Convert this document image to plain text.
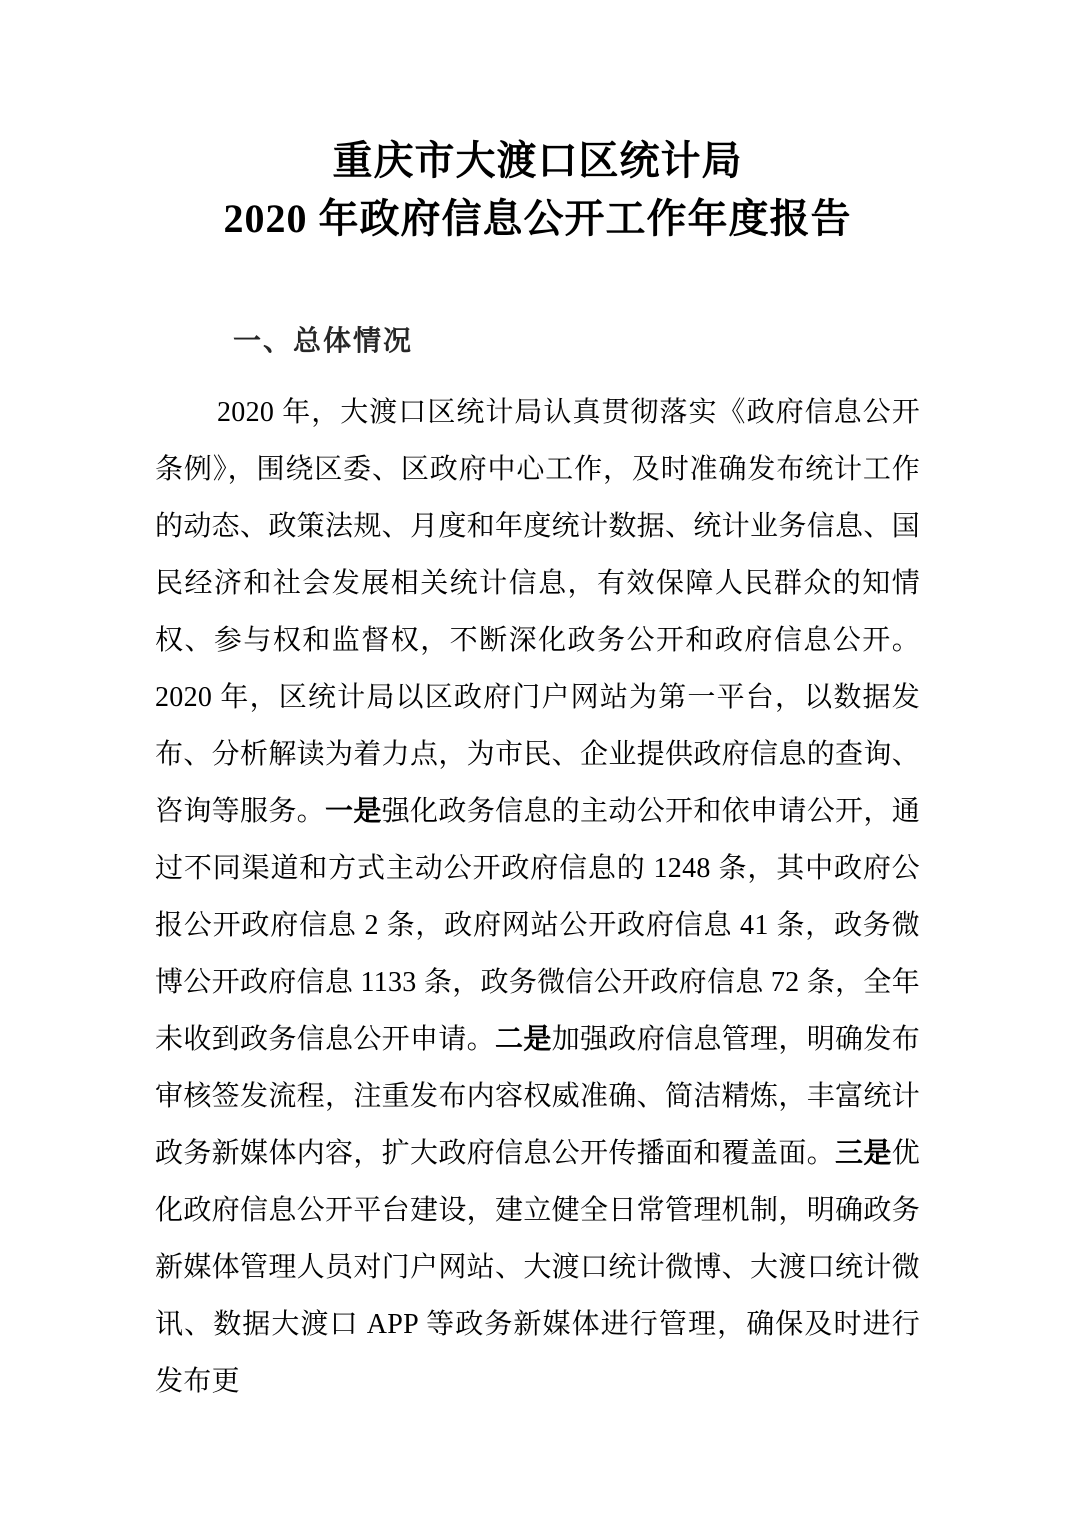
重庆市大渡口区统计局
2020 年政府信息公开工作年度报告
一、总体情况

2020 年，大渡口区统计局认真贯彻落实《政府信息公开条例》，围绕区委、区政府中心工作，及时准确发布统计工作的动态、政策法规、月度和年度统计数据、统计业务信息、国民经济和社会发展相关统计信息，有效保障人民群众的知情权、参与权和监督权，不断深化政务公开和政府信息公开。2020 年，区统计局以区政府门户网站为第一平台，以数据发布、分析解读为着力点，为市民、企业提供政府信息的查询、咨询等服务。一是强化政务信息的主动公开和依申请公开，通过不同渠道和方式主动公开政府信息的 1248 条，其中政府公报公开政府信息 2 条，政府网站公开政府信息 41 条，政务微博公开政府信息 1133 条，政务微信公开政府信息 72 条，全年未收到政务信息公开申请。二是加强政府信息管理，明确发布审核签发流程，注重发布内容权威准确、简洁精炼，丰富统计政务新媒体内容，扩大政府信息公开传播面和覆盖面。三是优化政府信息公开平台建设，建立健全日常管理机制，明确政务新媒体管理人员对门户网站、大渡口统计微博、大渡口统计微讯、数据大渡口 APP 等政务新媒体进行管理，确保及时进行发布更
